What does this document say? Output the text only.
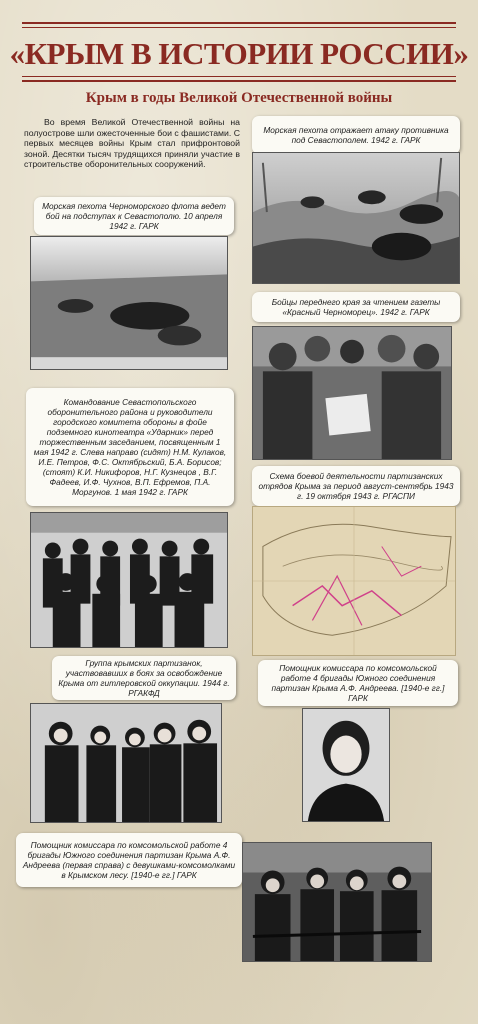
«КРЫМ В ИСТОРИИ РОССИИ»
Крым в годы Великой Отечественной войны
Во время Великой Отечественной войны на полуострове шли ожесточенные бои с фашистами. С первых месяцев войны Крым стал прифронтовой зоной. Десятки тысяч трудящихся приняли участие в строительстве оборонительных сооружений.
Морская пехота отражает атаку противника под Севастополем. 1942 г. ГАРК
Морская пехота Черноморского флота ведет бой на подступах к Севастополю. 10 апреля 1942 г. ГАРК
Бойцы переднего края за чтением газеты «Красный Черноморец». 1942 г. ГАРК
Командование Севастопольского оборонительного района и руководители городского комитета обороны в фойе подземного кинотеатра «Ударник» перед торжественным заседанием, посвященным 1 мая 1942 г. Слева направо (сидят) Н.М. Кулаков, И.Е. Петров, Ф.С. Октябрьский, Б.А. Борисов; (стоят) К.И. Никифоров, Н.Г. Кузнецов , В.Г. Фадеев, И.Ф. Чухнов, В.П. Ефремов, П.А. Моргунов. 1 мая 1942 г. ГАРК
Схема боевой деятельности партизанских отрядов Крыма за период август-сентябрь 1943 г. 19 октября 1943 г. РГАСПИ
Группа крымских партизанок, участвовавших в боях за освобождение Крыма от гитлеровской оккупации. 1944 г. РГАКФД
Помощник комиссара по комсомольской работе 4 бригады Южного соединения партизан Крыма А.Ф. Андреева. [1940-е гг.] ГАРК
Помощник комиссара по комсомольской работе 4 бригады Южного соединения партизан Крыма А.Ф. Андреева (первая справа) с девушками-комсомолками в Крымском лесу. [1940-е гг.] ГАРК
